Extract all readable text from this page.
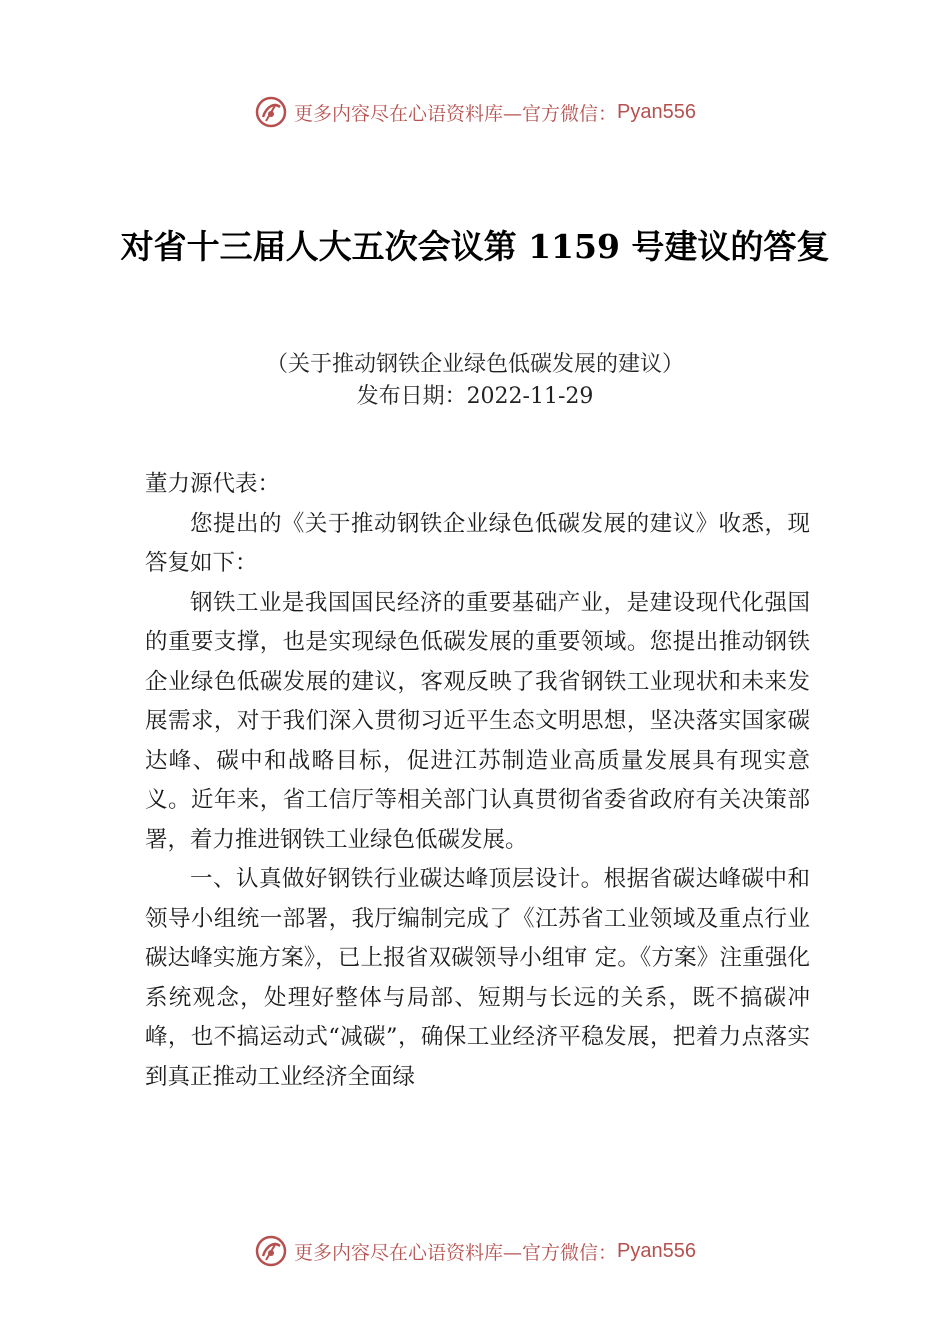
更多内容尽在心语资料库—官方微信： Pyan556
对省十三届人大五次会议第 1159 号建议的答复
（关于推动钢铁企业绿色低碳发展的建议）
发布日期：2022-11-29

董力源代表：

您提出的《关于推动钢铁企业绿色低碳发展的建议》收悉，现答复如下：

钢铁工业是我国国民经济的重要基础产业，是建设现代化强国的重要支撑，也是实现绿色低碳发展的重要领域。您提出推动钢铁企业绿色低碳发展的建议，客观反映了我省钢铁工业现状和未来发展需求，对于我们深入贯彻习近平生态文明思想，坚决落实国家碳达峰、碳中和战略目标，促进江苏制造业高质量发展具有现实意义。近年来，省工信厅等相关部门认真贯彻省委省政府有关决策部署，着力推进钢铁工业绿色低碳发展。

一、认真做好钢铁行业碳达峰顶层设计。根据省碳达峰碳中和领导小组统一部署，我厅编制完成了《江苏省工业领域及重点行业碳达峰实施方案》，已上报省双碳领导小组审 定。《方案》注重强化系统观念，处理好整体与局部、短期与长远的关系，既不搞碳冲峰，也不搞运动式“减碳”，确保工业经济平稳发展，把着力点落实到真正推动工业经济全面绿

更多内容尽在心语资料库—官方微信： Pyan556
